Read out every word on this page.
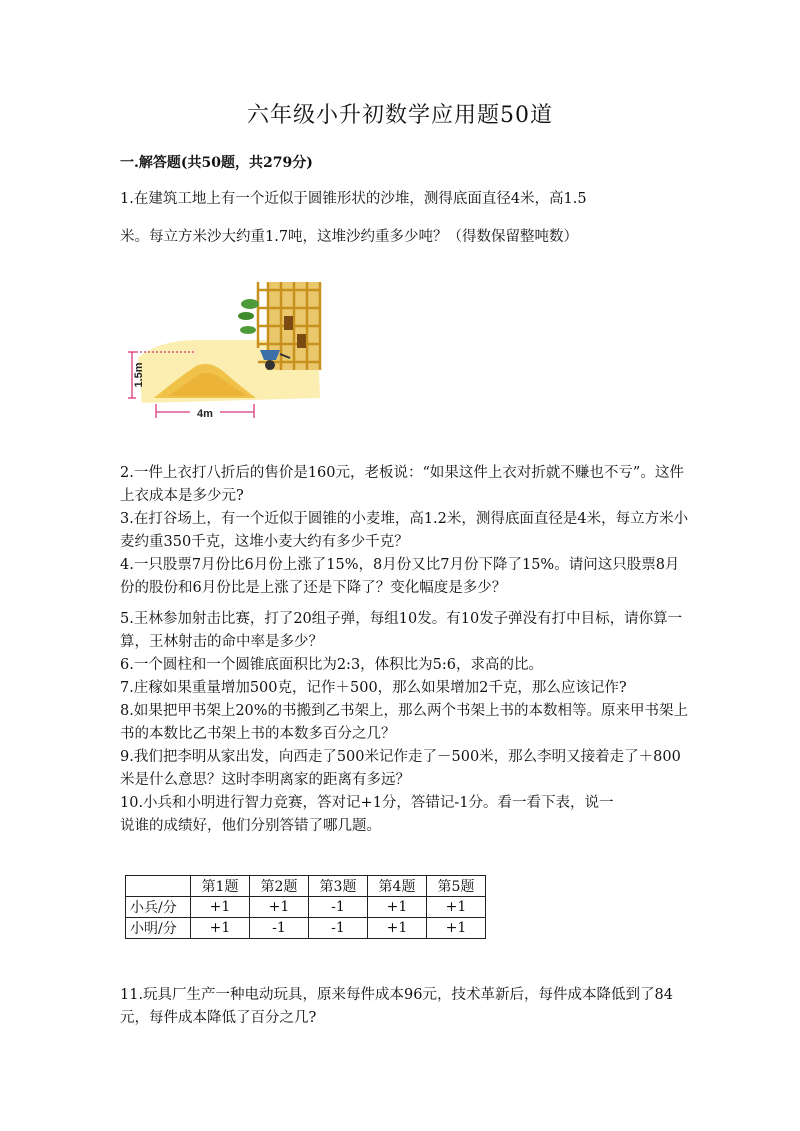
六年级小升初数学应用题50道
一.解答题(共50题，共279分)
1.在建筑工地上有一个近似于圆锥形状的沙堆，测得底面直径4米，高1.5
米。每立方米沙大约重1.7吨，这堆沙约重多少吨？（得数保留整吨数）
1.5m
4m

2.一件上衣打八折后的售价是160元，老板说：“如果这件上衣对折就不赚也不亏”。这件上衣成本是多少元?

3.在打谷场上，有一个近似于圆锥的小麦堆，高1.2米，测得底面直径是4米，每立方米小麦约重350千克，这堆小麦大约有多少千克？

4.一只股票7月份比6月份上涨了15%，8月份又比7月份下降了15%。请问这只股票8月份的股份和6月份比是上涨了还是下降了？变化幅度是多少？

5.王林参加射击比赛，打了20组子弹，每组10发。有10发子弹没有打中目标，请你算一算，王林射击的命中率是多少？

6.一个圆柱和一个圆锥底面积比为2:3，体积比为5:6，求高的比。

7.庄稼如果重量增加500克，记作＋500，那么如果增加2千克，那么应该记作?

8.如果把甲书架上20%的书搬到乙书架上，那么两个书架上书的本数相等。原来甲书架上书的本数比乙书架上书的本数多百分之几？

9.我们把李明从家出发，向西走了500米记作走了－500米，那么李明又接着走了＋800米是什么意思？这时李明离家的距离有多远？

10.小兵和小明进行智力竞赛，答对记+1分，答错记-1分。看一看下表，说一

说谁的成绩好，他们分别答错了哪几题。
	第1题	第2题	第3题	第4题	第5题
小兵/分	+1	+1	-1	+1	+1
小明/分	+1	-1	-1	+1	+1
11.玩具厂生产一种电动玩具，原来每件成本96元，技术革新后，每件成本降低到了84元，每件成本降低了百分之几?
